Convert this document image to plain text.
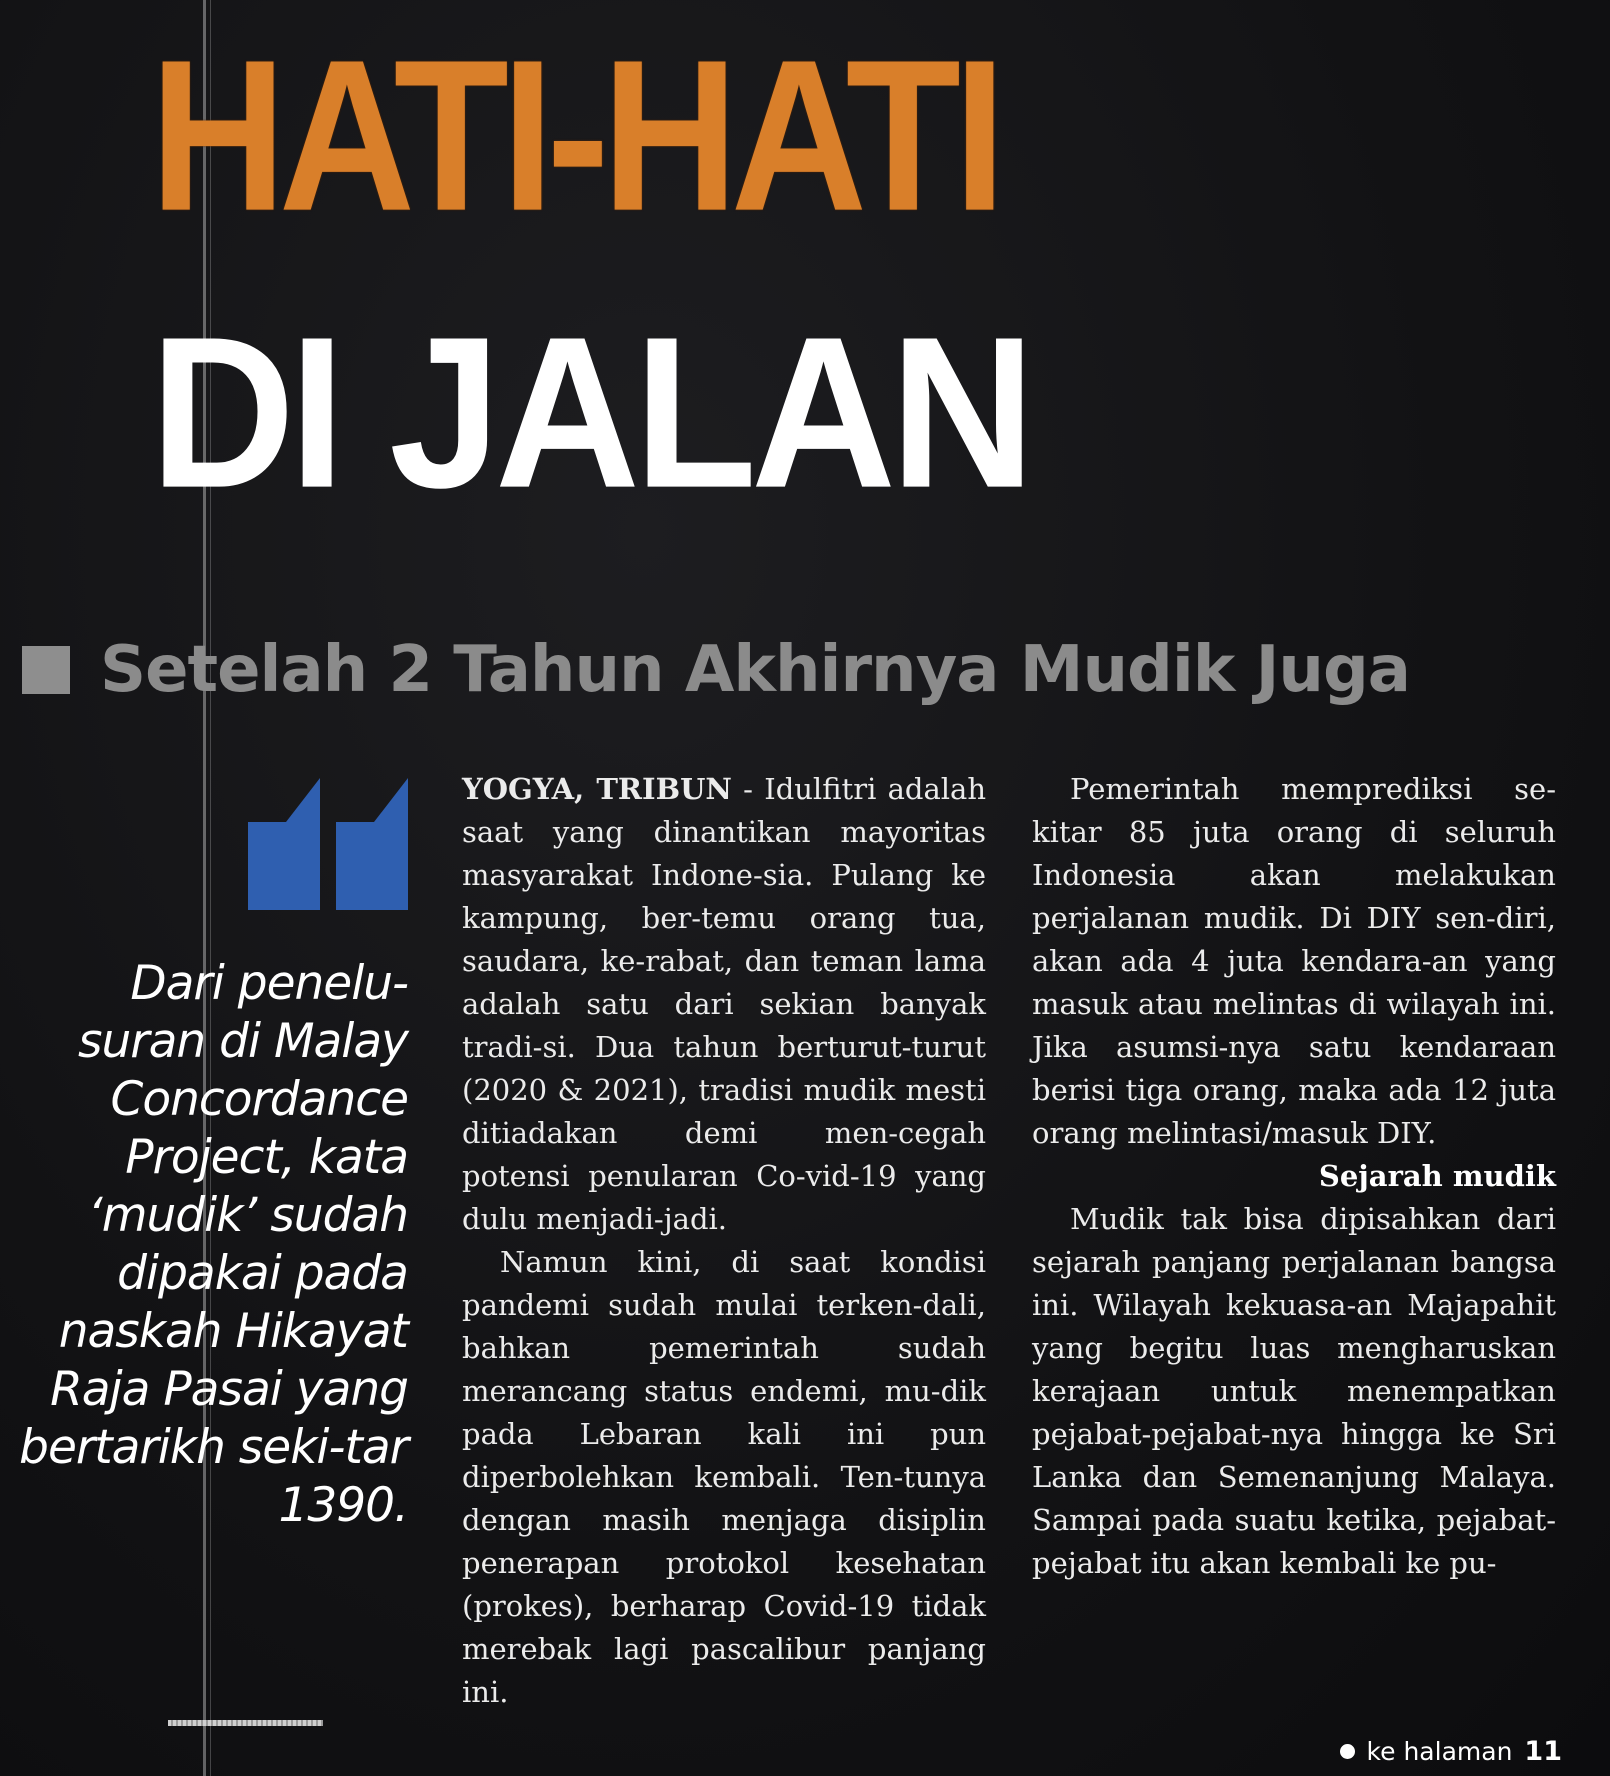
HATI-HATI
DI JALAN
Setelah 2 Tahun Akhirnya Mudik Juga

Dari penelu-suran di Malay Concordance Project, kata ‘mudik’ sudah dipakai pada naskah Hikayat Raja Pasai yang bertarikh seki-tar 1390.

YOGYA, TRIBUN - Idulfitri adalah saat yang dinantikan mayoritas masyarakat Indone-sia. Pulang ke kampung, ber-temu orang tua, saudara, ke-rabat, dan teman lama adalah satu dari sekian banyak tradi-si. Dua tahun berturut-turut (2020 & 2021), tradisi mudik mesti ditiadakan demi men-cegah potensi penularan Co-vid-19 yang dulu menjadi-jadi.

Namun kini, di saat kondisi pandemi sudah mulai terken-dali, bahkan pemerintah sudah merancang status endemi, mu-dik pada Lebaran kali ini pun diperbolehkan kembali. Ten-tunya dengan masih menjaga disiplin penerapan protokol kesehatan (prokes), berharap Covid-19 tidak merebak lagi pascalibur panjang ini.

Pemerintah memprediksi se-kitar 85 juta orang di seluruh Indonesia akan melakukan perjalanan mudik. Di DIY sen-diri, akan ada 4 juta kendara-an yang masuk atau melintas di wilayah ini. Jika asumsi-nya satu kendaraan berisi tiga orang, maka ada 12 juta orang melintasi/masuk DIY.

Sejarah mudik

Mudik tak bisa dipisahkan dari sejarah panjang perjalanan bangsa ini. Wilayah kekuasa-an Majapahit yang begitu luas mengharuskan kerajaan untuk menempatkan pejabat-pejabat-nya hingga ke Sri Lanka dan Semenanjung Malaya. Sampai pada suatu ketika, pejabat-pejabat itu akan kembali ke pu-

ke halaman 11
